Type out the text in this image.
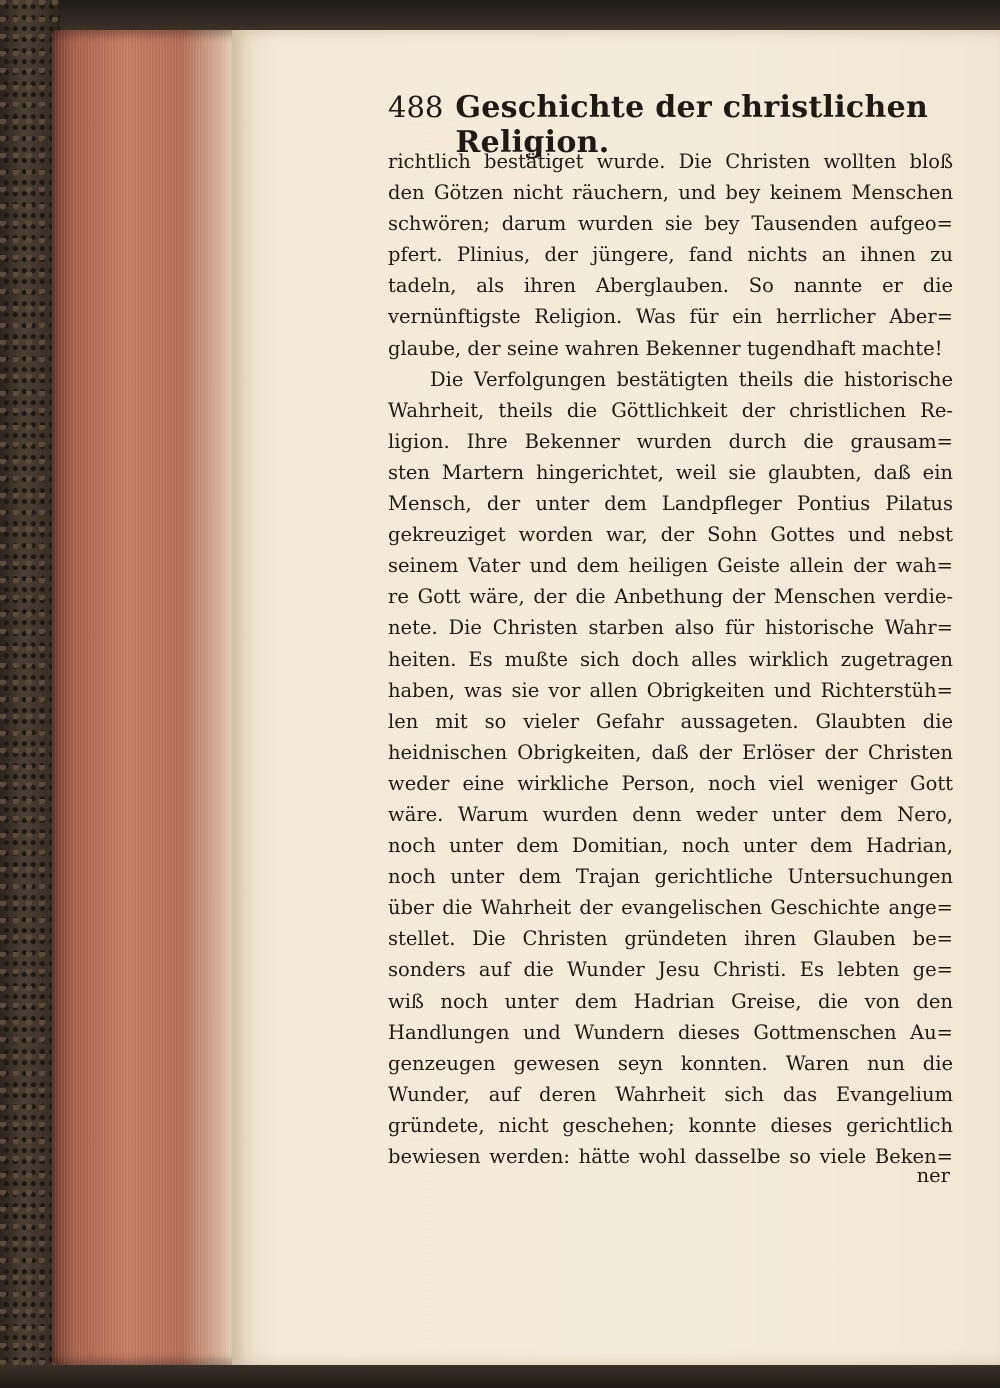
488 Geschichte der christlichen Religion.
richtlich bestätiget wurde. Die Christen wollten bloß
den Götzen nicht räuchern, und bey keinem Menschen
schwören; darum wurden sie bey Tausenden aufgeo=
pfert. Plinius, der jüngere, fand nichts an ihnen zu
tadeln, als ihren Aberglauben. So nannte er die
vernünftigste Religion. Was für ein herrlicher Aber=
glaube, der seine wahren Bekenner tugendhaft machte!
Die Verfolgungen bestätigten theils die historische
Wahrheit, theils die Göttlichkeit der christlichen Re-
ligion. Ihre Bekenner wurden durch die grausam=
sten Martern hingerichtet, weil sie glaubten, daß ein
Mensch, der unter dem Landpfleger Pontius Pilatus
gekreuziget worden war, der Sohn Gottes und nebst
seinem Vater und dem heiligen Geiste allein der wah=
re Gott wäre, der die Anbethung der Menschen verdie-
nete. Die Christen starben also für historische Wahr=
heiten. Es mußte sich doch alles wirklich zugetragen
haben, was sie vor allen Obrigkeiten und Richterstüh=
len mit so vieler Gefahr aussageten. Glaubten die
heidnischen Obrigkeiten, daß der Erlöser der Christen
weder eine wirkliche Person, noch viel weniger Gott
wäre. Warum wurden denn weder unter dem Nero,
noch unter dem Domitian, noch unter dem Hadrian,
noch unter dem Trajan gerichtliche Untersuchungen
über die Wahrheit der evangelischen Geschichte ange=
stellet. Die Christen gründeten ihren Glauben be=
sonders auf die Wunder Jesu Christi. Es lebten ge=
wiß noch unter dem Hadrian Greise, die von den
Handlungen und Wundern dieses Gottmenschen Au=
genzeugen gewesen seyn konnten. Waren nun die
Wunder, auf deren Wahrheit sich das Evangelium
gründete, nicht geschehen; konnte dieses gerichtlich
bewiesen werden: hätte wohl dasselbe so viele Beken=
ner
